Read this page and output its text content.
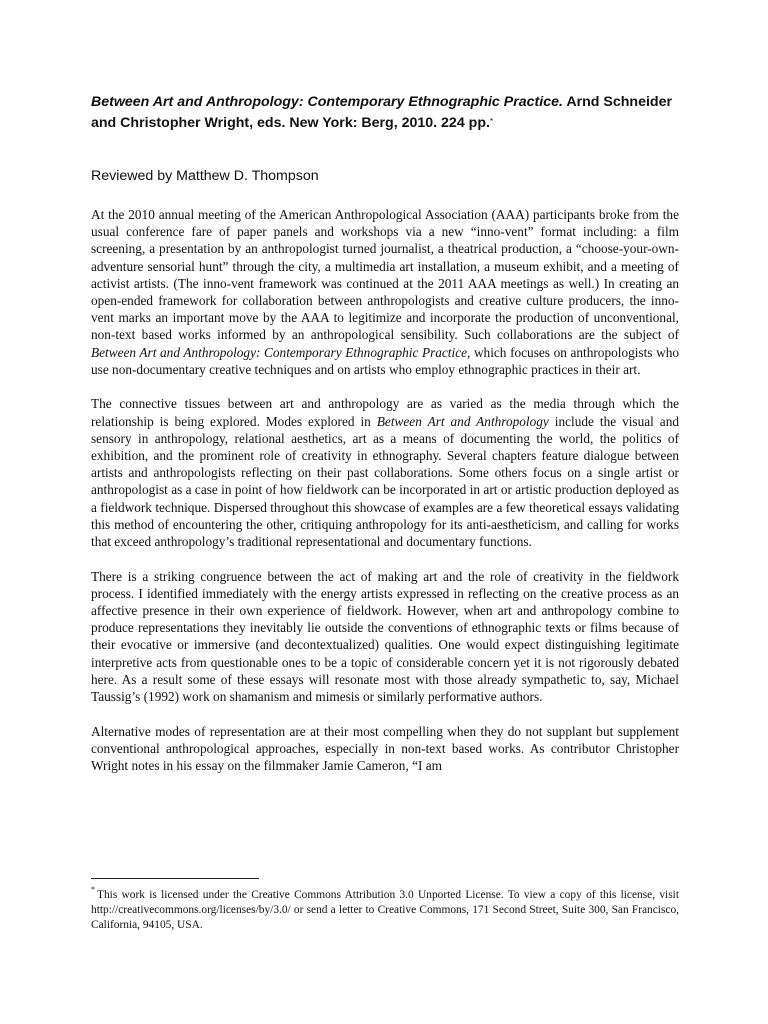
Between Art and Anthropology: Contemporary Ethnographic Practice. Arnd Schneider and Christopher Wright, eds. New York: Berg, 2010. 224 pp.*
Reviewed by Matthew D. Thompson

At the 2010 annual meeting of the American Anthropological Association (AAA) participants broke from the usual conference fare of paper panels and workshops via a new “inno-vent” format including: a film screening, a presentation by an anthropologist turned journalist, a theatrical production, a “choose-your-own-adventure sensorial hunt” through the city, a multimedia art installation, a museum exhibit, and a meeting of activist artists. (The inno-vent framework was continued at the 2011 AAA meetings as well.) In creating an open-ended framework for collaboration between anthropologists and creative culture producers, the inno-vent marks an important move by the AAA to legitimize and incorporate the production of unconventional, non-text based works informed by an anthropological sensibility. Such collaborations are the subject of Between Art and Anthropology: Contemporary Ethnographic Practice, which focuses on anthropologists who use non-documentary creative techniques and on artists who employ ethnographic practices in their art.

The connective tissues between art and anthropology are as varied as the media through which the relationship is being explored. Modes explored in Between Art and Anthropology include the visual and sensory in anthropology, relational aesthetics, art as a means of documenting the world, the politics of exhibition, and the prominent role of creativity in ethnography. Several chapters feature dialogue between artists and anthropologists reflecting on their past collaborations. Some others focus on a single artist or anthropologist as a case in point of how fieldwork can be incorporated in art or artistic production deployed as a fieldwork technique. Dispersed throughout this showcase of examples are a few theoretical essays validating this method of encountering the other, critiquing anthropology for its anti-aestheticism, and calling for works that exceed anthropology’s traditional representational and documentary functions.

There is a striking congruence between the act of making art and the role of creativity in the fieldwork process. I identified immediately with the energy artists expressed in reflecting on the creative process as an affective presence in their own experience of fieldwork. However, when art and anthropology combine to produce representations they inevitably lie outside the conventions of ethnographic texts or films because of their evocative or immersive (and decontextualized) qualities. One would expect distinguishing legitimate interpretive acts from questionable ones to be a topic of considerable concern yet it is not rigorously debated here. As a result some of these essays will resonate most with those already sympathetic to, say, Michael Taussig’s (1992) work on shamanism and mimesis or similarly performative authors.

Alternative modes of representation are at their most compelling when they do not supplant but supplement conventional anthropological approaches, especially in non-text based works. As contributor Christopher Wright notes in his essay on the filmmaker Jamie Cameron, “I am

* This work is licensed under the Creative Commons Attribution 3.0 Unported License. To view a copy of this license, visit http://creativecommons.org/licenses/by/3.0/ or send a letter to Creative Commons, 171 Second Street, Suite 300, San Francisco, California, 94105, USA.
